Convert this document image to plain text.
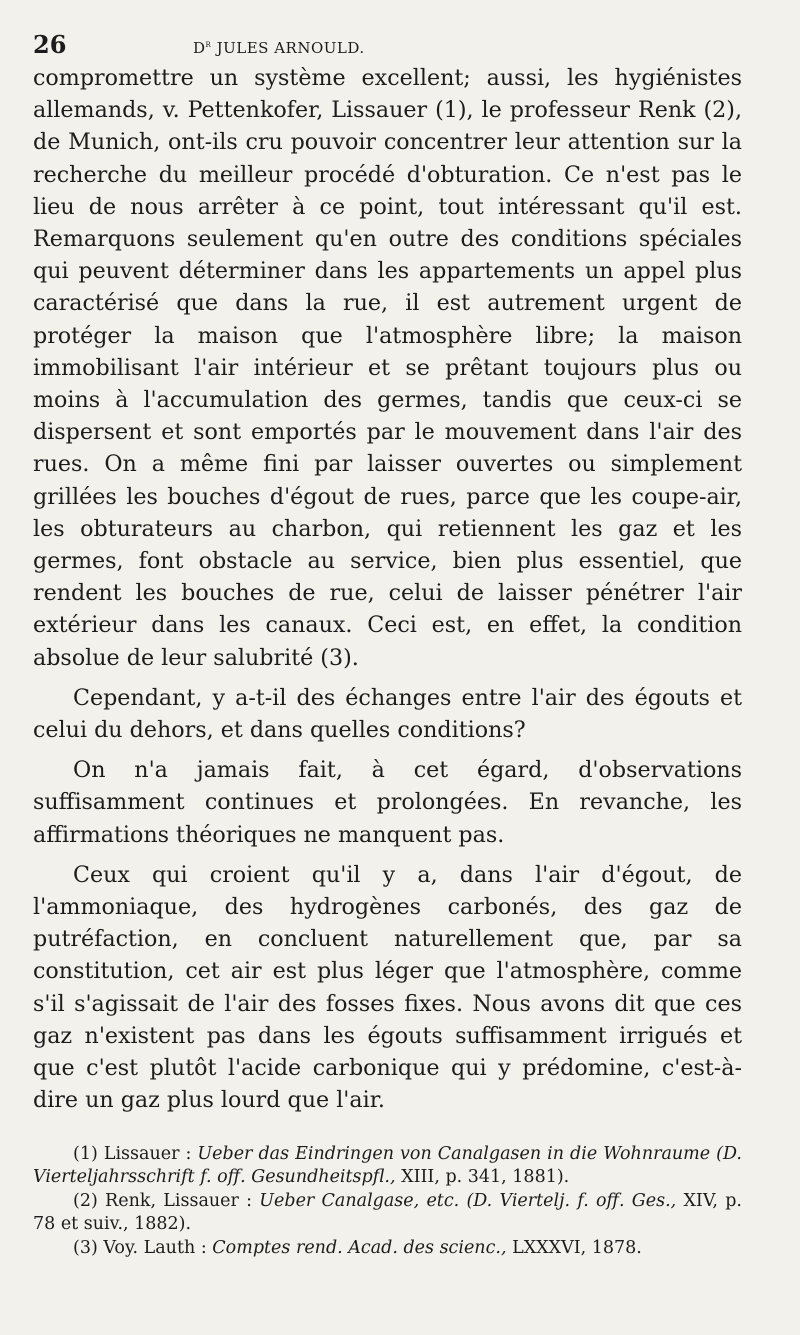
26	$D^r$ JULES ARNOULD.

compromettre un système excellent; aussi, les hygiénistes allemands, v. Pettenkofer, Lissauer (1), le professeur Renk (2), de Munich, ont-ils cru pouvoir concentrer leur attention sur la recherche du meilleur procédé d'obturation. Ce n'est pas le lieu de nous arrêter à ce point, tout intéressant qu'il est. Remarquons seulement qu'en outre des conditions spéciales qui peuvent déterminer dans les appartements un appel plus caractérisé que dans la rue, il est autrement urgent de protéger la maison que l'atmosphère libre; la maison immobilisant l'air intérieur et se prêtant toujours plus ou moins à l'accumulation des germes, tandis que ceux-ci se dispersent et sont emportés par le mouvement dans l'air des rues. On a même fini par laisser ouvertes ou simplement grillées les bouches d'égout de rues, parce que les coupe-air, les obturateurs au charbon, qui retiennent les gaz et les germes, font obstacle au service, bien plus essentiel, que rendent les bouches de rue, celui de laisser pénétrer l'air extérieur dans les canaux. Ceci est, en effet, la condition absolue de leur salubrité (3).

Cependant, y a-t-il des échanges entre l'air des égouts et celui du dehors, et dans quelles conditions?

On n'a jamais fait, à cet égard, d'observations suffisamment continues et prolongées. En revanche, les affirmations théoriques ne manquent pas.

Ceux qui croient qu'il y a, dans l'air d'égout, de l'ammoniaque, des hydrogènes carbonés, des gaz de putréfaction, en concluent naturellement que, par sa constitution, cet air est plus léger que l'atmosphère, comme s'il s'agissait de l'air des fosses fixes. Nous avons dit que ces gaz n'existent pas dans les égouts suffisamment irrigués et que c'est plutôt l'acide carbonique qui y prédomine, c'est-à-dire un gaz plus lourd que l'air.

(1) Lissauer : Ueber das Eindringen von Canalgasen in die Wohnraume (D. Vierteljahrsschrift f. off. Gesundheitspfl., XIII, p. 341, 1881).

(2) Renk, Lissauer : Ueber Canalgase, etc. (D. Viertelj. f. off. Ges., XIV, p. 78 et suiv., 1882).

(3) Voy. Lauth : Comptes rend. Acad. des scienc., LXXXVI, 1878.
